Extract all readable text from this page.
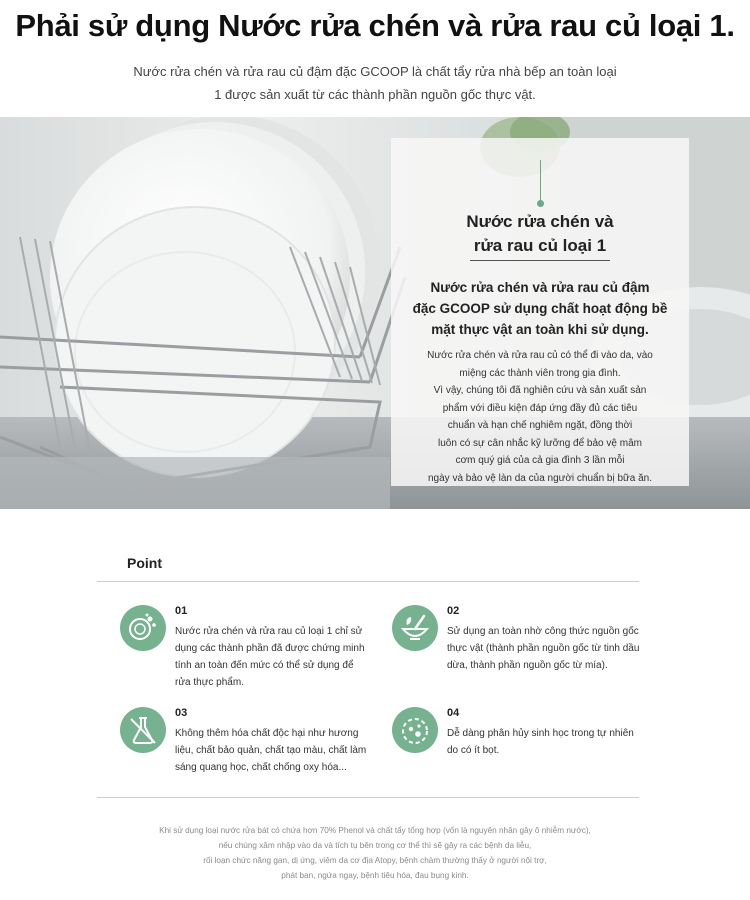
Phải sử dụng Nước rửa chén và rửa rau củ loại 1.
Nước rửa chén và rửa rau củ đậm đặc GCOOP là chất tẩy rửa nhà bếp an toàn loại
1 được sản xuất từ các thành phần nguồn gốc thực vật.
Nước rửa chén và
rửa rau củ loại 1
Nước rửa chén và rửa rau củ đậm
đặc GCOOP sử dụng chất hoạt động bề
mặt thực vật an toàn khi sử dụng.
Nước rửa chén và rửa rau củ có thể đi vào da, vào
miệng các thành viên trong gia đình.
Vì vậy, chúng tôi đã nghiên cứu và sản xuất sản
phẩm với điều kiện đáp ứng đầy đủ các tiêu
chuẩn và hạn chế nghiêm ngặt, đồng thời
luôn có sự cân nhắc kỹ lưỡng để bảo vệ mâm
cơm quý giá của cả gia đình 3 lần mỗi
ngày và bảo vệ làn da của người chuẩn bị bữa ăn.
Point
01
Nước rửa chén và rửa rau củ loại 1 chỉ sử
dụng các thành phần đã được chứng minh
tính an toàn đến mức có thể sử dụng để
rửa thực phẩm.
02
Sử dụng an toàn nhờ công thức nguồn gốc
thực vật (thành phần nguồn gốc từ tinh dầu
dừa, thành phần nguồn gốc từ mía).
03
Không thêm hóa chất độc hại như hương
liệu, chất bảo quản, chất tạo màu, chất làm
sáng quang học, chất chống oxy hóa...
04
Dễ dàng phân hủy sinh học trong tự nhiên
do có ít bọt.
Khi sử dụng loại nước rửa bát có chứa hơn 70% Phenol và chất tẩy tổng hợp (vốn là nguyên nhân gây ô nhiễm nước),
nếu chúng xâm nhập vào da và tích tụ bên trong cơ thể thì sẽ gây ra các bệnh da liễu,
rối loạn chức năng gan, dị ứng, viêm da cơ địa Atopy, bệnh chàm thường thấy ở người nội trợ,
phát ban, ngứa ngay, bệnh tiêu hóa, đau bụng kinh.
